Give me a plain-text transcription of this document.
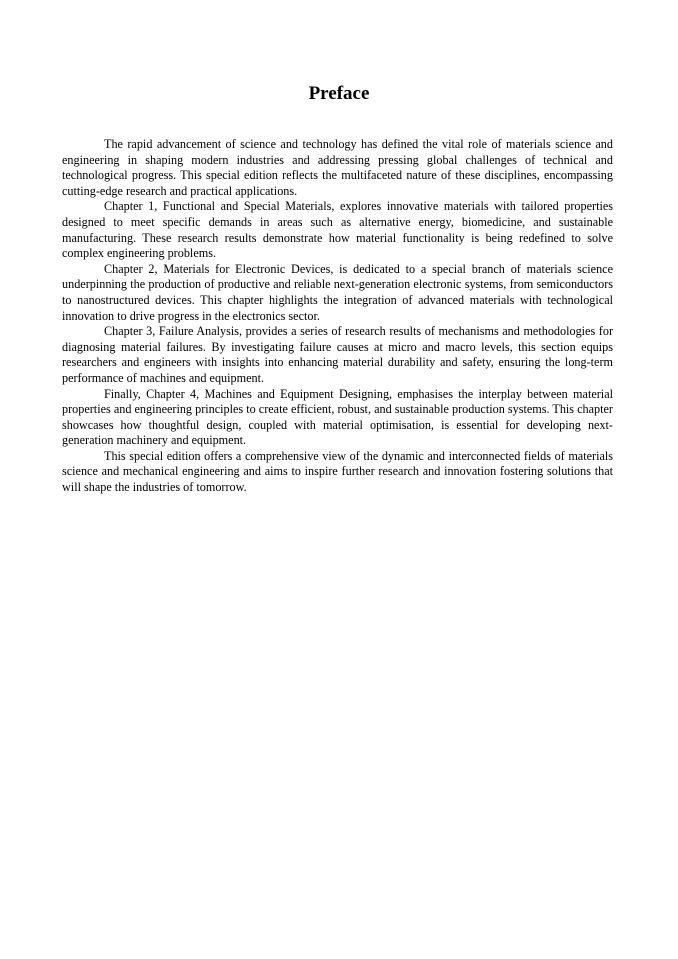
Preface

The rapid advancement of science and technology has defined the vital role of materials science and engineering in shaping modern industries and addressing pressing global challenges of technical and technological progress. This special edition reflects the multifaceted nature of these disciplines, encompassing cutting-edge research and practical applications.

Chapter 1, Functional and Special Materials, explores innovative materials with tailored properties designed to meet specific demands in areas such as alternative energy, biomedicine, and sustainable manufacturing. These research results demonstrate how material functionality is being redefined to solve complex engineering problems.

Chapter 2, Materials for Electronic Devices, is dedicated to a special branch of materials science underpinning the production of productive and reliable next-generation electronic systems, from semiconductors to nanostructured devices. This chapter highlights the integration of advanced materials with technological innovation to drive progress in the electronics sector.

Chapter 3, Failure Analysis, provides a series of research results of mechanisms and methodologies for diagnosing material failures. By investigating failure causes at micro and macro levels, this section equips researchers and engineers with insights into enhancing material durability and safety, ensuring the long-term performance of machines and equipment.

Finally, Chapter 4, Machines and Equipment Designing, emphasises the interplay between material properties and engineering principles to create efficient, robust, and sustainable production systems. This chapter showcases how thoughtful design, coupled with material optimisation, is essential for developing next-generation machinery and equipment.

This special edition offers a comprehensive view of the dynamic and interconnected fields of materials science and mechanical engineering and aims to inspire further research and innovation fostering solutions that will shape the industries of tomorrow.
